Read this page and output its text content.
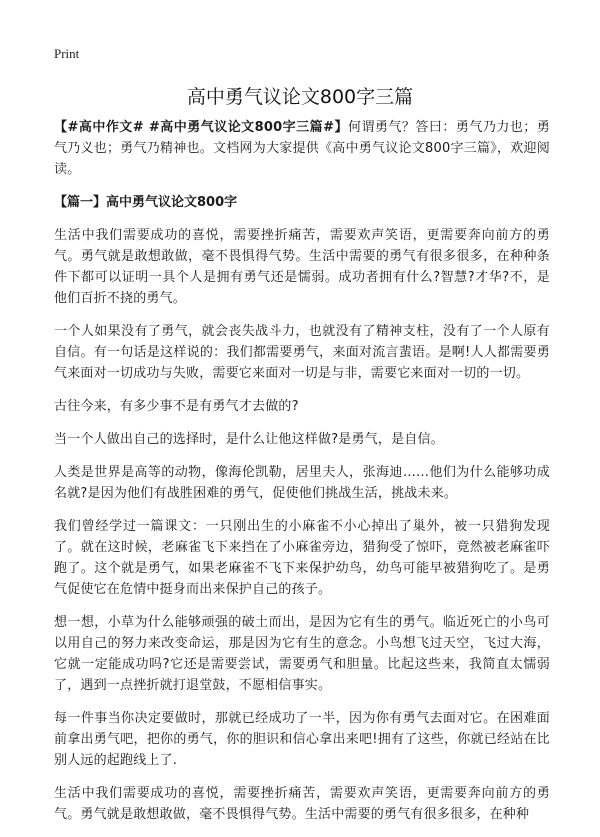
Print
高中勇气议论文800字三篇

【#高中作文# #高中勇气议论文800字三篇#】何谓勇气？答曰：勇气乃力也；勇气乃义也；勇气乃精神也。文档网为大家提供《高中勇气议论文800字三篇》，欢迎阅读。

【篇一】高中勇气议论文800字

生活中我们需要成功的喜悦，需要挫折痛苦，需要欢声笑语，更需要奔向前方的勇气。勇气就是敢想敢做，毫不畏惧得气势。生活中需要的勇气有很多很多，在种种条件下都可以证明一具个人是拥有勇气还是懦弱。成功者拥有什么?智慧?才华?不，是他们百折不挠的勇气。

一个人如果没有了勇气，就会丧失战斗力，也就没有了精神支柱，没有了一个人原有自信。有一句话是这样说的：我们都需要勇气，来面对流言蜚语。是啊!人人都需要勇气来面对一切成功与失败，需要它来面对一切是与非，需要它来面对一切的一切。

古往今来，有多少事不是有勇气才去做的?

当一个人做出自己的选择时，是什么让他这样做?是勇气，是自信。

人类是世界是高等的动物，像海伦凯勒，居里夫人，张海迪……他们为什么能够功成名就?是因为他们有战胜困难的勇气，促使他们挑战生活，挑战未来。

我们曾经学过一篇课文：一只刚出生的小麻雀不小心掉出了巢外，被一只猎狗发现了。就在这时候，老麻雀飞下来挡在了小麻雀旁边，猎狗受了惊吓，竟然被老麻雀吓跑了。这个就是勇气，如果老麻雀不飞下来保护幼鸟，幼鸟可能早被猎狗吃了。是勇气促使它在危情中挺身而出来保护自己的孩子。

想一想，小草为什么能够顽强的破土而出，是因为它有生的勇气。临近死亡的小鸟可以用自己的努力来改变命运，那是因为它有生的意念。小鸟想飞过天空，飞过大海，它就一定能成功吗?它还是需要尝试，需要勇气和胆量。比起这些来，我简直太懦弱了，遇到一点挫折就打退堂鼓，不愿相信事实。

每一件事当你决定要做时，那就已经成功了一半，因为你有勇气去面对它。在困难面前拿出勇气吧，把你的勇气，你的胆识和信心拿出来吧!拥有了这些，你就已经站在比别人远的起跑线上了.

生活中我们需要成功的喜悦，需要挫折痛苦，需要欢声笑语，更需要奔向前方的勇气。勇气就是敢想敢做，毫不畏惧得气势。生活中需要的勇气有很多很多，在种种
